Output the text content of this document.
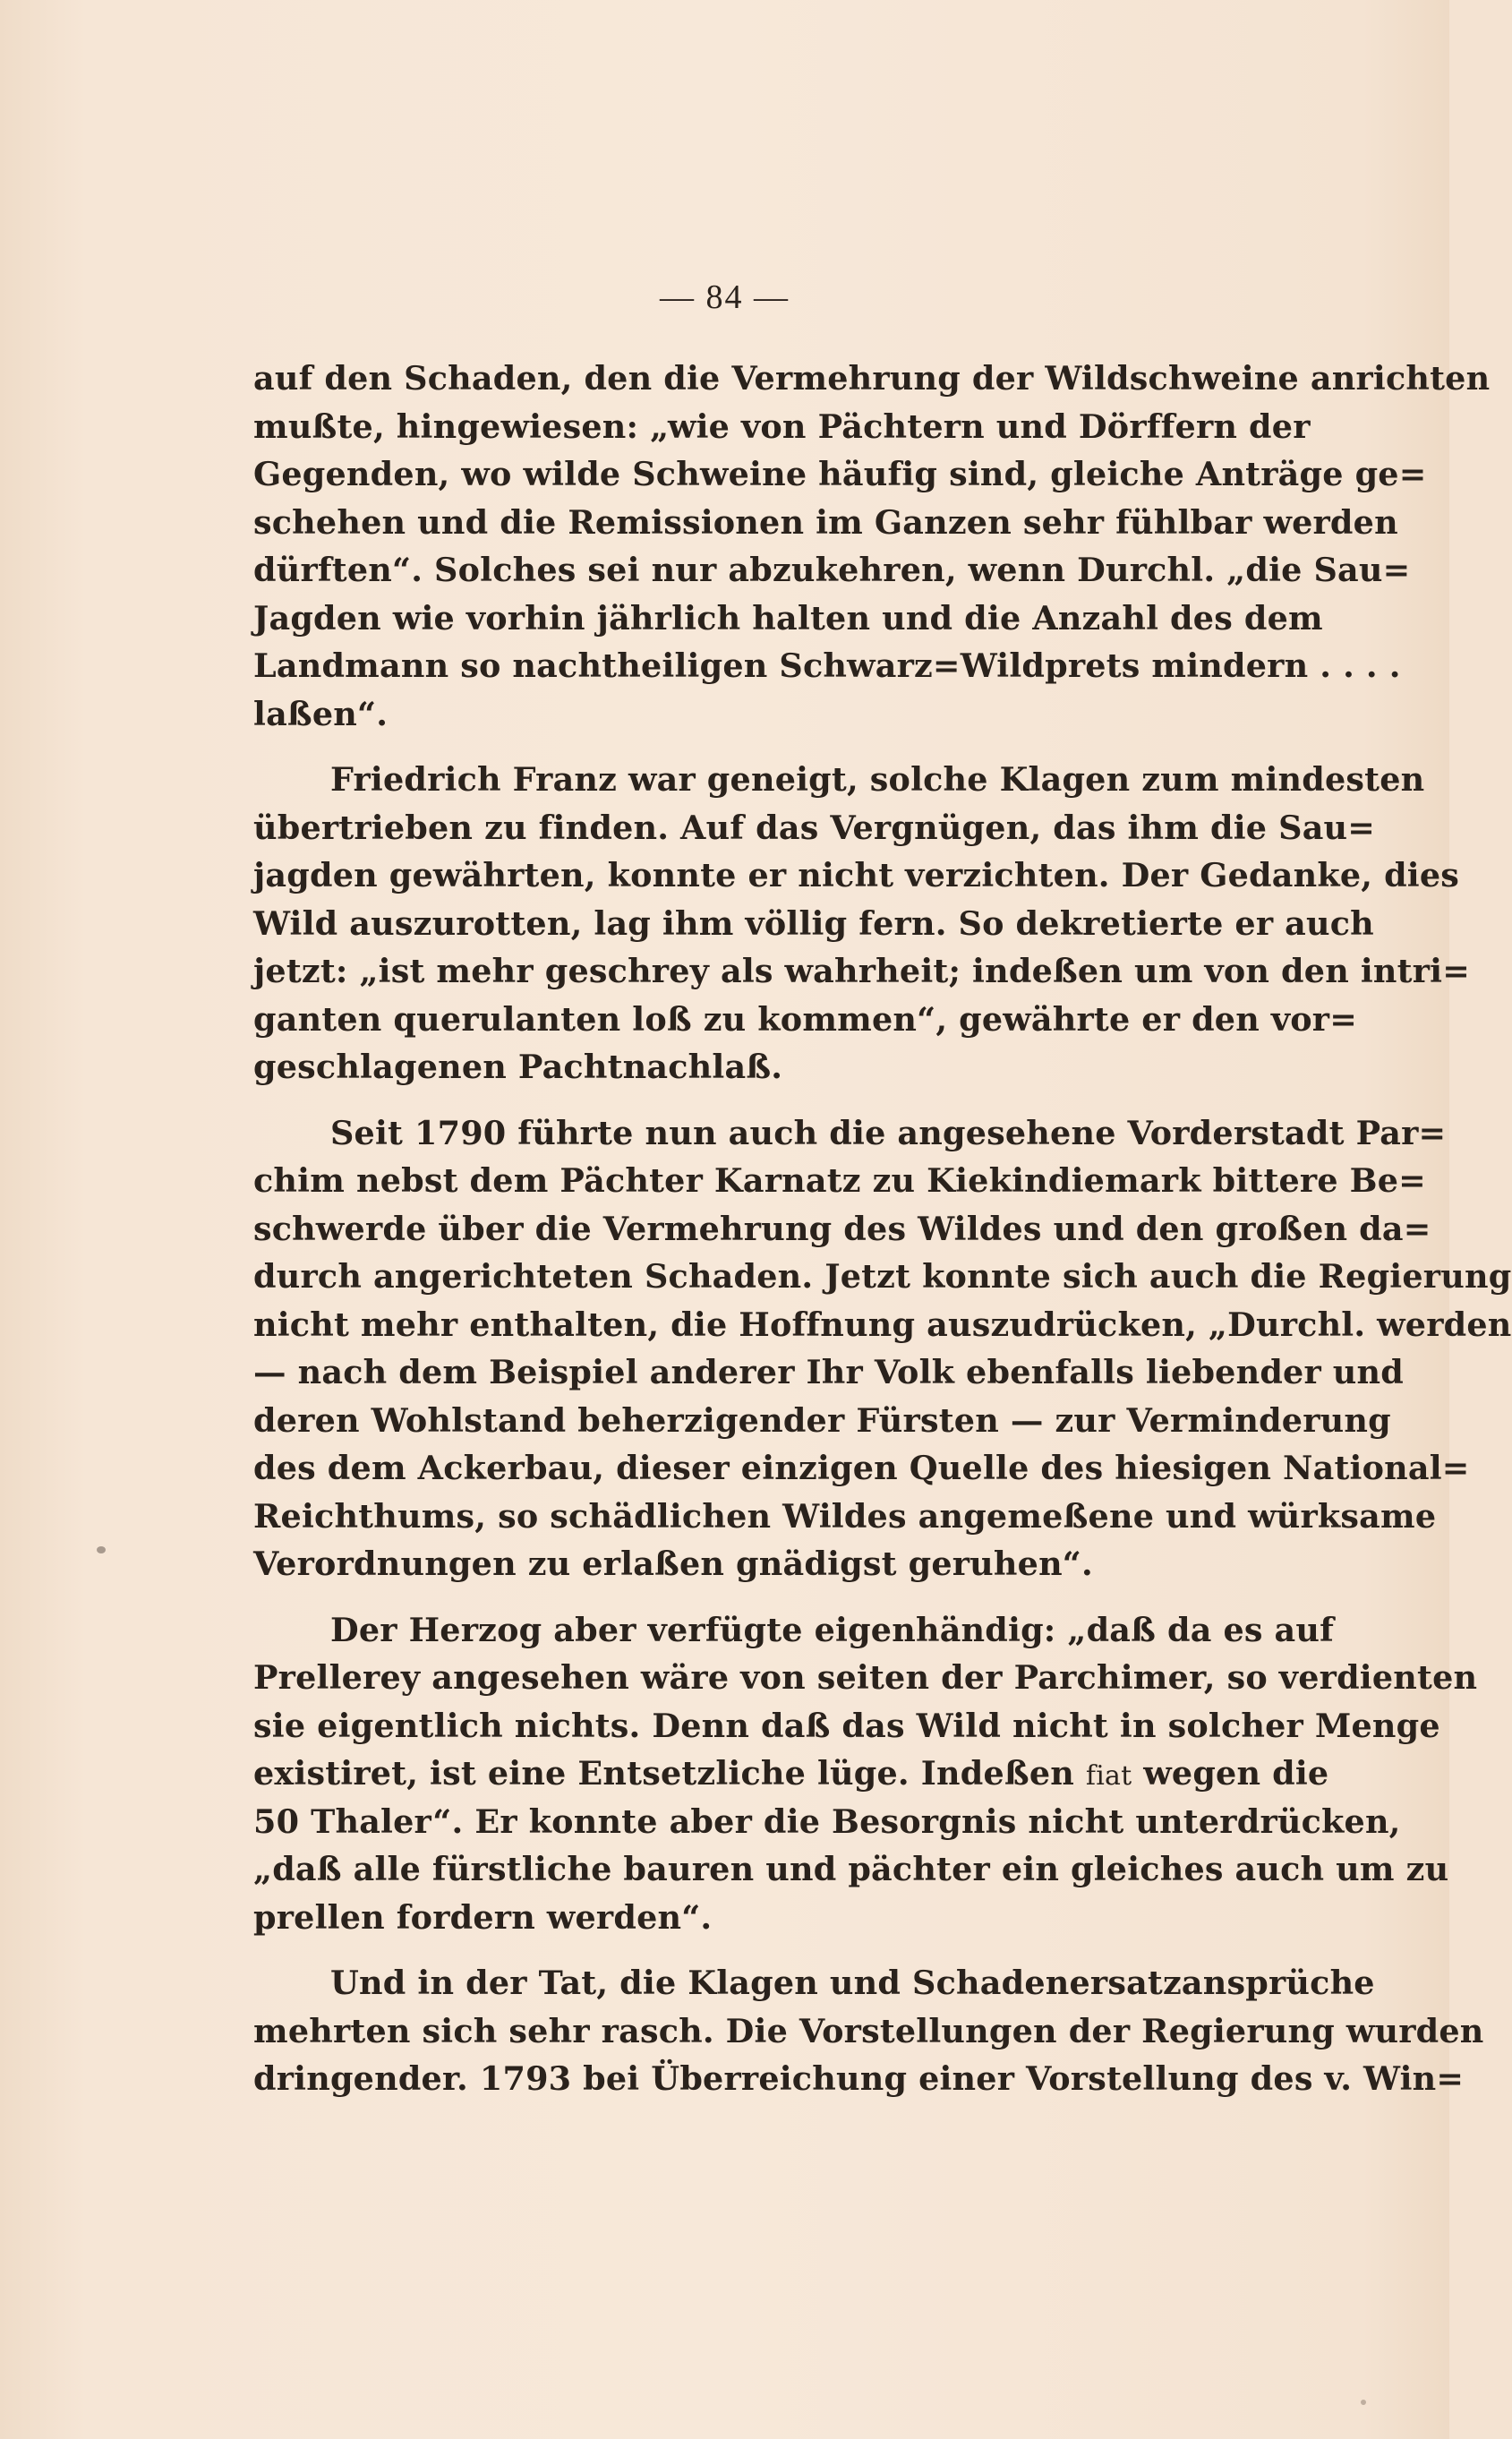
— 84 —
auf den Schaden, den die Vermehrung der Wildschweine anrichten
mußte, hingewiesen: „wie von Pächtern und Dörffern der
Gegenden, wo wilde Schweine häufig sind, gleiche Anträge ge=
schehen und die Remissionen im Ganzen sehr fühlbar werden
dürften“. Solches sei nur abzukehren, wenn Durchl. „die Sau=
Jagden wie vorhin jährlich halten und die Anzahl des dem
Landmann so nachtheiligen Schwarz=Wildprets mindern . . . .
laßen“.
Friedrich Franz war geneigt, solche Klagen zum mindesten
übertrieben zu finden. Auf das Vergnügen, das ihm die Sau=
jagden gewährten, konnte er nicht verzichten. Der Gedanke, dies
Wild auszurotten, lag ihm völlig fern. So dekretierte er auch
jetzt: „ist mehr geschrey als wahrheit; indeßen um von den intri=
ganten querulanten loß zu kommen“, gewährte er den vor=
geschlagenen Pachtnachlaß.
Seit 1790 führte nun auch die angesehene Vorderstadt Par=
chim nebst dem Pächter Karnatz zu Kiekindiemark bittere Be=
schwerde über die Vermehrung des Wildes und den großen da=
durch angerichteten Schaden. Jetzt konnte sich auch die Regierung
nicht mehr enthalten, die Hoffnung auszudrücken, „Durchl. werden
— nach dem Beispiel anderer Ihr Volk ebenfalls liebender und
deren Wohlstand beherzigender Fürsten — zur Verminderung
des dem Ackerbau, dieser einzigen Quelle des hiesigen National=
Reichthums, so schädlichen Wildes angemeßene und würksame
Verordnungen zu erlaßen gnädigst geruhen“.
Der Herzog aber verfügte eigenhändig: „daß da es auf
Prellerey angesehen wäre von seiten der Parchimer, so verdienten
sie eigentlich nichts. Denn daß das Wild nicht in solcher Menge
existiret, ist eine Entsetzliche lüge. Indeßen fiat wegen die
50 Thaler“. Er konnte aber die Besorgnis nicht unterdrücken,
„daß alle fürstliche bauren und pächter ein gleiches auch um zu
prellen fordern werden“.
Und in der Tat, die Klagen und Schadenersatzansprüche
mehrten sich sehr rasch. Die Vorstellungen der Regierung wurden
dringender. 1793 bei Überreichung einer Vorstellung des v. Win=
